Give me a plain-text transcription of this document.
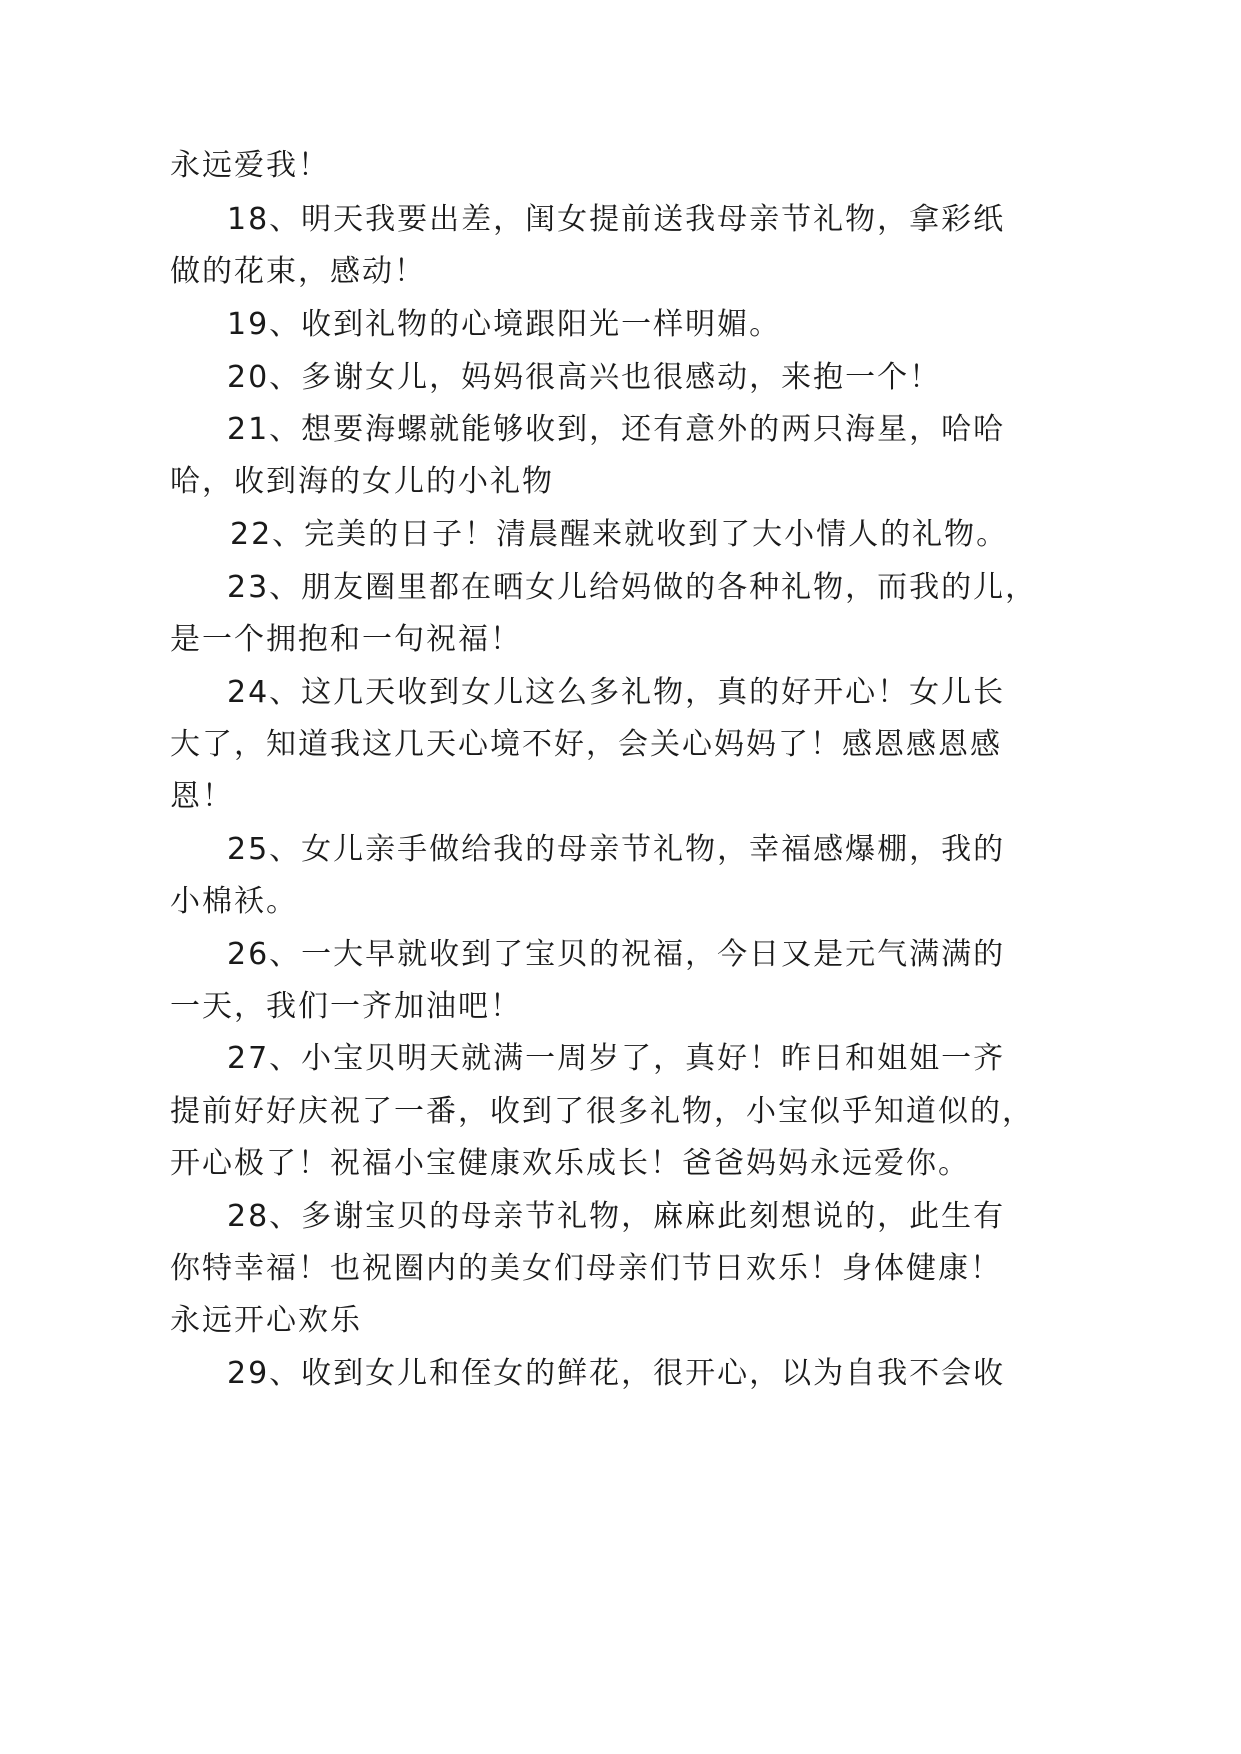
永远爱我！
18、明天我要出差，闺女提前送我母亲节礼物，拿彩纸
做的花束，感动！
19、收到礼物的心境跟阳光一样明媚。
20、多谢女儿，妈妈很高兴也很感动，来抱一个！
21、想要海螺就能够收到，还有意外的两只海星，哈哈
哈，收到海的女儿的小礼物
22、完美的日子！清晨醒来就收到了大小情人的礼物。
23、朋友圈里都在晒女儿给妈做的各种礼物，而我的儿，
是一个拥抱和一句祝福！
24、这几天收到女儿这么多礼物，真的好开心！女儿长
大了，知道我这几天心境不好，会关心妈妈了！感恩感恩感
恩！
25、女儿亲手做给我的母亲节礼物，幸福感爆棚，我的
小棉袄。
26、一大早就收到了宝贝的祝福，今日又是元气满满的
一天，我们一齐加油吧！
27、小宝贝明天就满一周岁了，真好！昨日和姐姐一齐
提前好好庆祝了一番，收到了很多礼物，小宝似乎知道似的，
开心极了！祝福小宝健康欢乐成长！爸爸妈妈永远爱你。
28、多谢宝贝的母亲节礼物，麻麻此刻想说的，此生有
你特幸福！也祝圈内的美女们母亲们节日欢乐！身体健康！
永远开心欢乐
29、收到女儿和侄女的鲜花，很开心，以为自我不会收
